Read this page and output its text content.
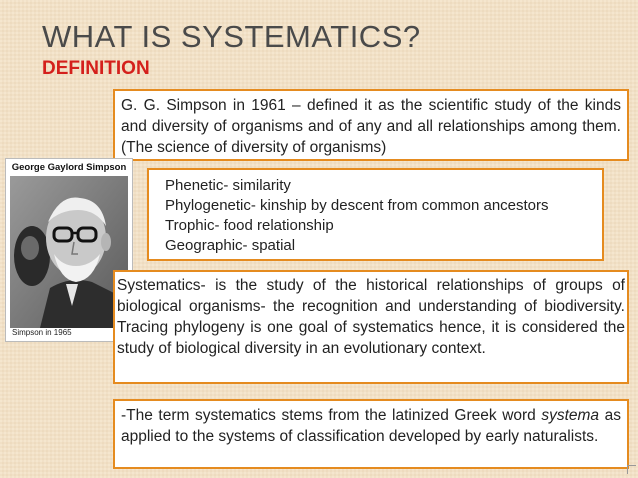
WHAT IS SYSTEMATICS?
DEFINITION
G. G. Simpson in 1961 – defined it as the scientific study of the kinds and diversity of organisms and of any and all relationships among them. (The science of diversity of organisms)
George Gaylord Simpson
Simpson in 1965
Phenetic- similarity
Phylogenetic- kinship by descent from common ancestors
Trophic- food relationship
Geographic- spatial
Systematics- is the study of the historical relationships of groups of biological organisms- the recognition and understanding of biodiversity. Tracing phylogeny is one goal of systematics hence, it is considered the study of biological diversity in an evolutionary context.
-The term systematics stems from the latinized Greek word systema as applied to the systems of classification developed by early naturalists.
